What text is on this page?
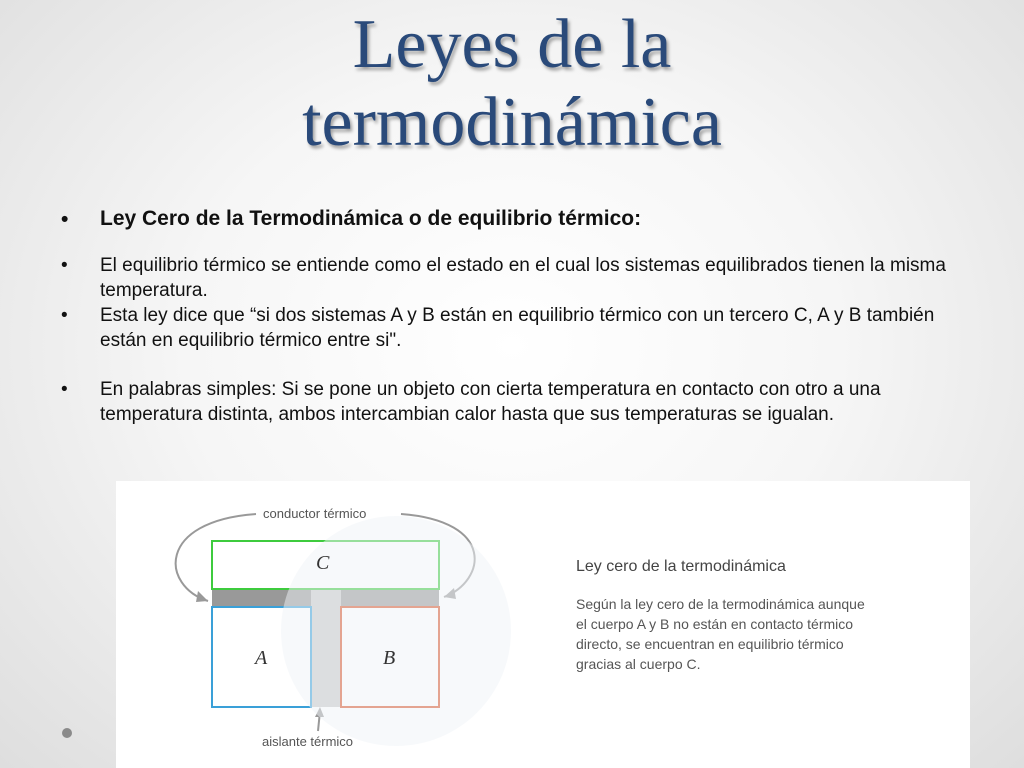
Leyes de la
termodinámica
• Ley Cero de la Termodinámica o de equilibrio térmico:
• El equilibrio térmico se entiende como el estado en el cual los sistemas equilibrados tienen la misma temperatura.
• Esta ley dice que “si dos sistemas A y B están en equilibrio térmico con un tercero C, A y B también están en equilibrio térmico entre si".
• En palabras simples: Si se pone un objeto con cierta temperatura en contacto con otro a una temperatura distinta, ambos intercambian calor hasta que sus temperaturas se igualan.
conductor térmico
C
A	B
aislante térmico
Ley cero de la termodinámica
Según la ley cero de la termodinámica aunque
el cuerpo A y B no están en contacto térmico
directo, se encuentran en equilibrio térmico
gracias al cuerpo C.
